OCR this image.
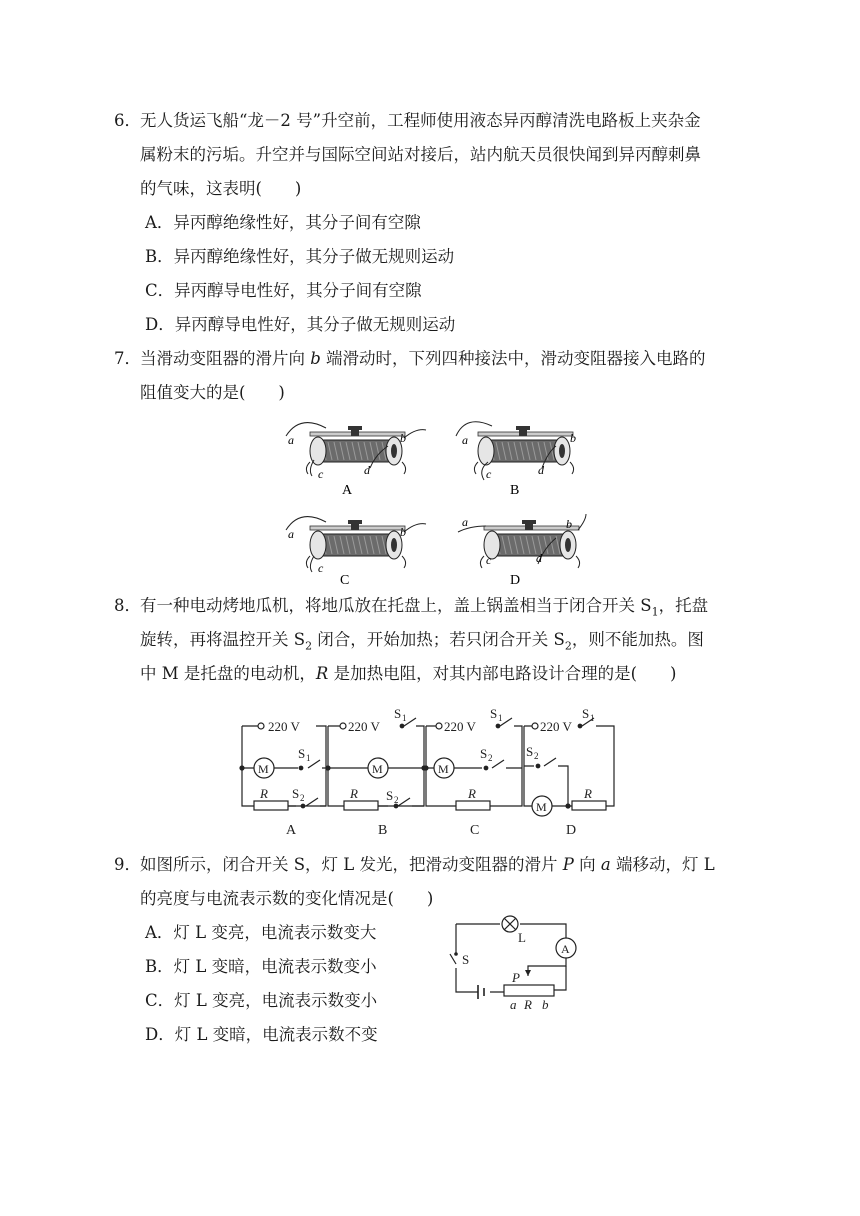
6． 无人货运飞船“龙－2 号”升空前，工程师使用液态异丙醇清洗电路板上夹杂金
属粉末的污垢。升空并与国际空间站对接后，站内航天员很快闻到异丙醇刺鼻
的气味，这表明(　　)
A．异丙醇绝缘性好，其分子间有空隙
B．异丙醇绝缘性好，其分子做无规则运动
C．异丙醇导电性好，其分子间有空隙
D．异丙醇导电性好，其分子做无规则运动
7． 当滑动变阻器的滑片向 b 端滑动时，下列四种接法中，滑动变阻器接入电路的
阻值变大的是(　　)
a	b
c	d
A
a	b
c	d
B
a	b
c
C
a	b
c	d
D
8． 有一种电动烤地瓜机，将地瓜放在托盘上，盖上锅盖相当于闭合开关 $S_1$，托盘
旋转，再将温控开关 $S_2$ 闭合，开始加热；若只闭合开关 $S_2$，则不能加热。图
中 M 是托盘的电动机，R 是加热电阻，对其内部电路设计合理的是(　　)
220 V
M
S 1
R S 2
A
220 V
S 1
M
R S 2
B
220 V
S 1
M
S 2
R
C
220 V
S 1
S 2
M
R
D
9． 如图所示，闭合开关 S，灯 L 发光，把滑动变阻器的滑片 P 向 a 端移动，灯 L
的亮度与电流表示数的变化情况是(　　)
A．灯 L 变亮，电流表示数变大
B．灯 L 变暗，电流表示数变小
C．灯 L 变亮，电流表示数变小
D．灯 L 变暗，电流表示数不变
L
A
S
P
a R b
